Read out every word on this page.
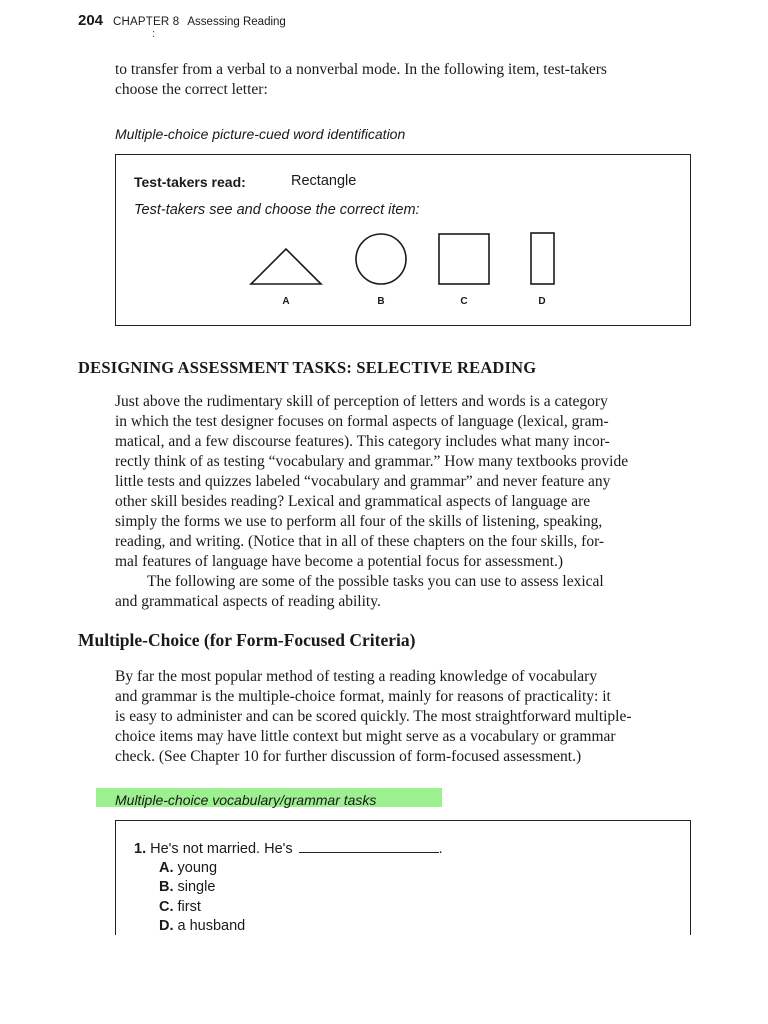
204 CHAPTER 8 Assessing Reading
:
to transfer from a verbal to a nonverbal mode. In the following item, test-takers
choose the correct letter:
Multiple-choice picture-cued word identification
Test-takers read:	Rectangle
Test-takers see and choose the correct item:
A	B	C	D
DESIGNING ASSESSMENT TASKS: SELECTIVE READING
Just above the rudimentary skill of perception of letters and words is a category
in which the test designer focuses on formal aspects of language (lexical, gram-
matical, and a few discourse features). This category includes what many incor-
rectly think of as testing “vocabulary and grammar.” How many textbooks provide
little tests and quizzes labeled “vocabulary and grammar” and never feature any
other skill besides reading? Lexical and grammatical aspects of language are
simply the forms we use to perform all four of the skills of listening, speaking,
reading, and writing. (Notice that in all of these chapters on the four skills, for-
mal features of language have become a potential focus for assessment.)
The following are some of the possible tasks you can use to assess lexical
and grammatical aspects of reading ability.
Multiple-Choice (for Form-Focused Criteria)
By far the most popular method of testing a reading knowledge of vocabulary
and grammar is the multiple-choice format, mainly for reasons of practicality: it
is easy to administer and can be scored quickly. The most straightforward multiple-
choice items may have little context but might serve as a vocabulary or grammar
check. (See Chapter 10 for further discussion of form-focused assessment.)
Multiple-choice vocabulary/grammar tasks
1. He's not married. He's	.
A. young
B. single
C. first
D. a husband
